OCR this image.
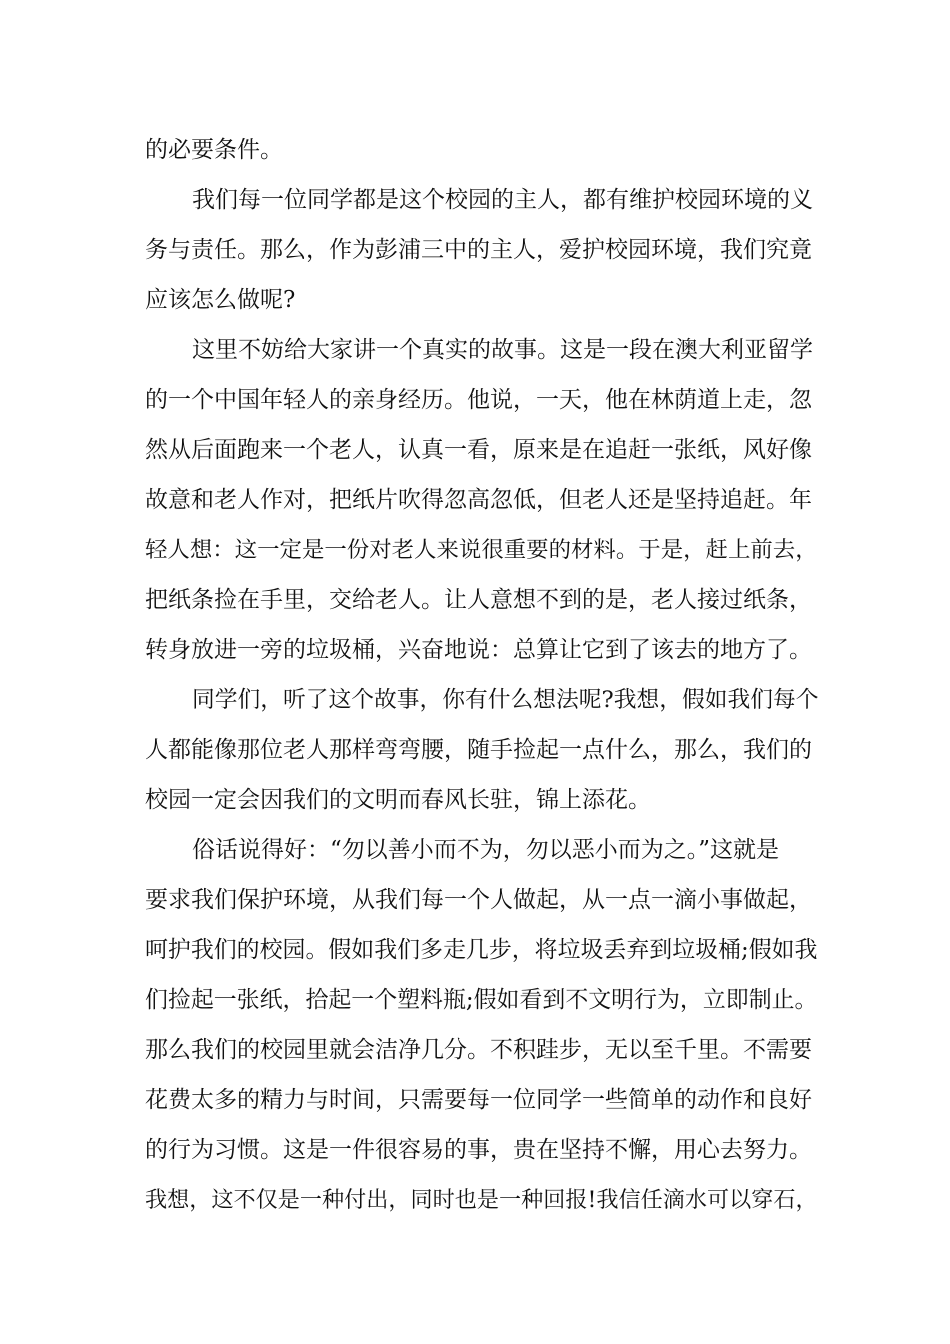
的必要条件。
我们每一位同学都是这个校园的主人，都有维护校园环境的义
务与责任。那么，作为彭浦三中的主人，爱护校园环境，我们究竟
应该怎么做呢?
这里不妨给大家讲一个真实的故事。这是一段在澳大利亚留学
的一个中国年轻人的亲身经历。他说，一天，他在林荫道上走，忽
然从后面跑来一个老人，认真一看，原来是在追赶一张纸，风好像
故意和老人作对，把纸片吹得忽高忽低，但老人还是坚持追赶。年
轻人想：这一定是一份对老人来说很重要的材料。于是，赶上前去，
把纸条捡在手里，交给老人。让人意想不到的是，老人接过纸条，
转身放进一旁的垃圾桶，兴奋地说：总算让它到了该去的地方了。
同学们，听了这个故事，你有什么想法呢?我想，假如我们每个
人都能像那位老人那样弯弯腰，随手捡起一点什么，那么，我们的
校园一定会因我们的文明而春风长驻，锦上添花。
俗话说得好：“勿以善小而不为，勿以恶小而为之。”这就是
要求我们保护环境，从我们每一个人做起，从一点一滴小事做起，
呵护我们的校园。假如我们多走几步，将垃圾丢弃到垃圾桶;假如我
们捡起一张纸，拾起一个塑料瓶;假如看到不文明行为，立即制止。
那么我们的校园里就会洁净几分。不积跬步，无以至千里。不需要
花费太多的精力与时间，只需要每一位同学一些简单的动作和良好
的行为习惯。这是一件很容易的事，贵在坚持不懈，用心去努力。
我想，这不仅是一种付出，同时也是一种回报!我信任滴水可以穿石，
